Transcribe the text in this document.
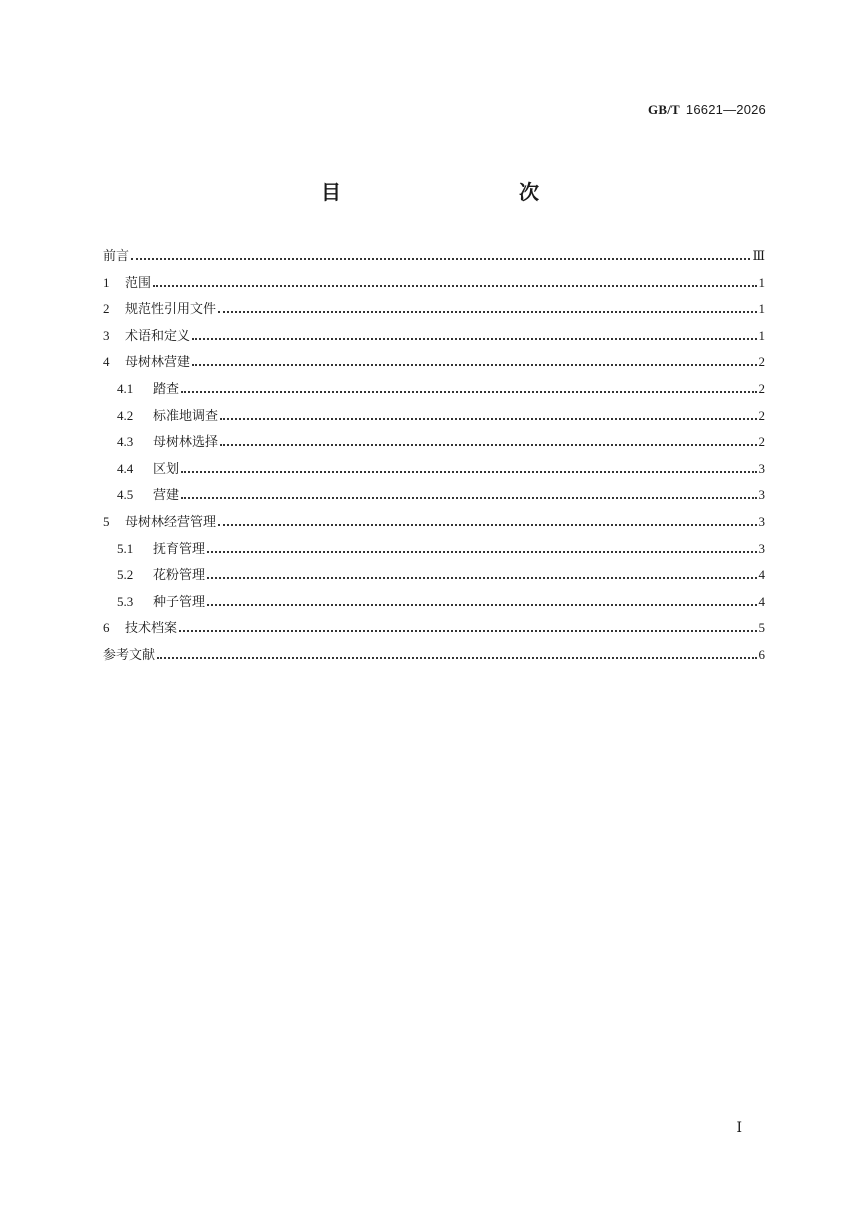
GB/T 16621—2026
目　　次
前言	Ⅲ
1	范围	1
2	规范性引用文件	1
3	术语和定义	1
4	母树林营建	2
4.1	踏查	2
4.2	标准地调查	2
4.3	母树林选择	2
4.4	区划	3
4.5	营建	3
5	母树林经营管理	3
5.1	抚育管理	3
5.2	花粉管理	4
5.3	种子管理	4
6	技术档案	5
参考文献	6
Ⅰ
